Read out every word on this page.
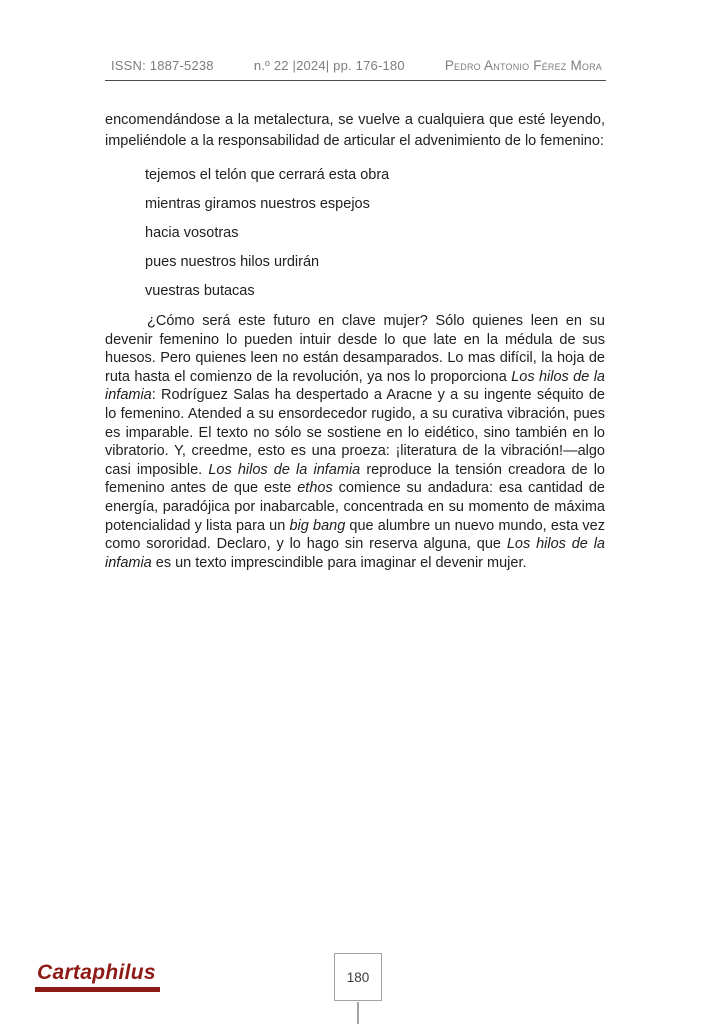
ISSN: 1887-5238	n.º 22 |2024| pp. 176-180	Pedro Antonio Férez Mora

encomendándose a la metalectura, se vuelve a cualquiera que esté leyendo, impeliéndole a la responsabilidad de articular el advenimiento de lo femenino:

tejemos el telón que cerrará esta obra

mientras giramos nuestros espejos

hacia vosotras

pues nuestros hilos urdirán

vuestras butacas

¿Cómo será este futuro en clave mujer? Sólo quienes leen en su devenir femenino lo pueden intuir desde lo que late en la médula de sus huesos. Pero quienes leen no están desamparados. Lo mas difícil, la hoja de ruta hasta el comienzo de la revolución, ya nos lo proporciona Los hilos de la infamia: Rodríguez Salas ha despertado a Aracne y a su ingente séquito de lo femenino. Atended a su ensordecedor rugido, a su curativa vibración, pues es imparable. El texto no sólo se sostiene en lo eidético, sino también en lo vibratorio. Y, creedme, esto es una proeza: ¡literatura de la vibración!—algo casi imposible. Los hilos de la infamia reproduce la tensión creadora de lo femenino antes de que este ethos comience su andadura: esa cantidad de energía, paradójica por inabarcable, concentrada en su momento de máxima potencialidad y lista para un big bang que alumbre un nuevo mundo, esta vez como sororidad. Declaro, y lo hago sin reserva alguna, que Los hilos de la infamia es un texto imprescindible para imaginar el devenir mujer.

Cartaphilus	180
